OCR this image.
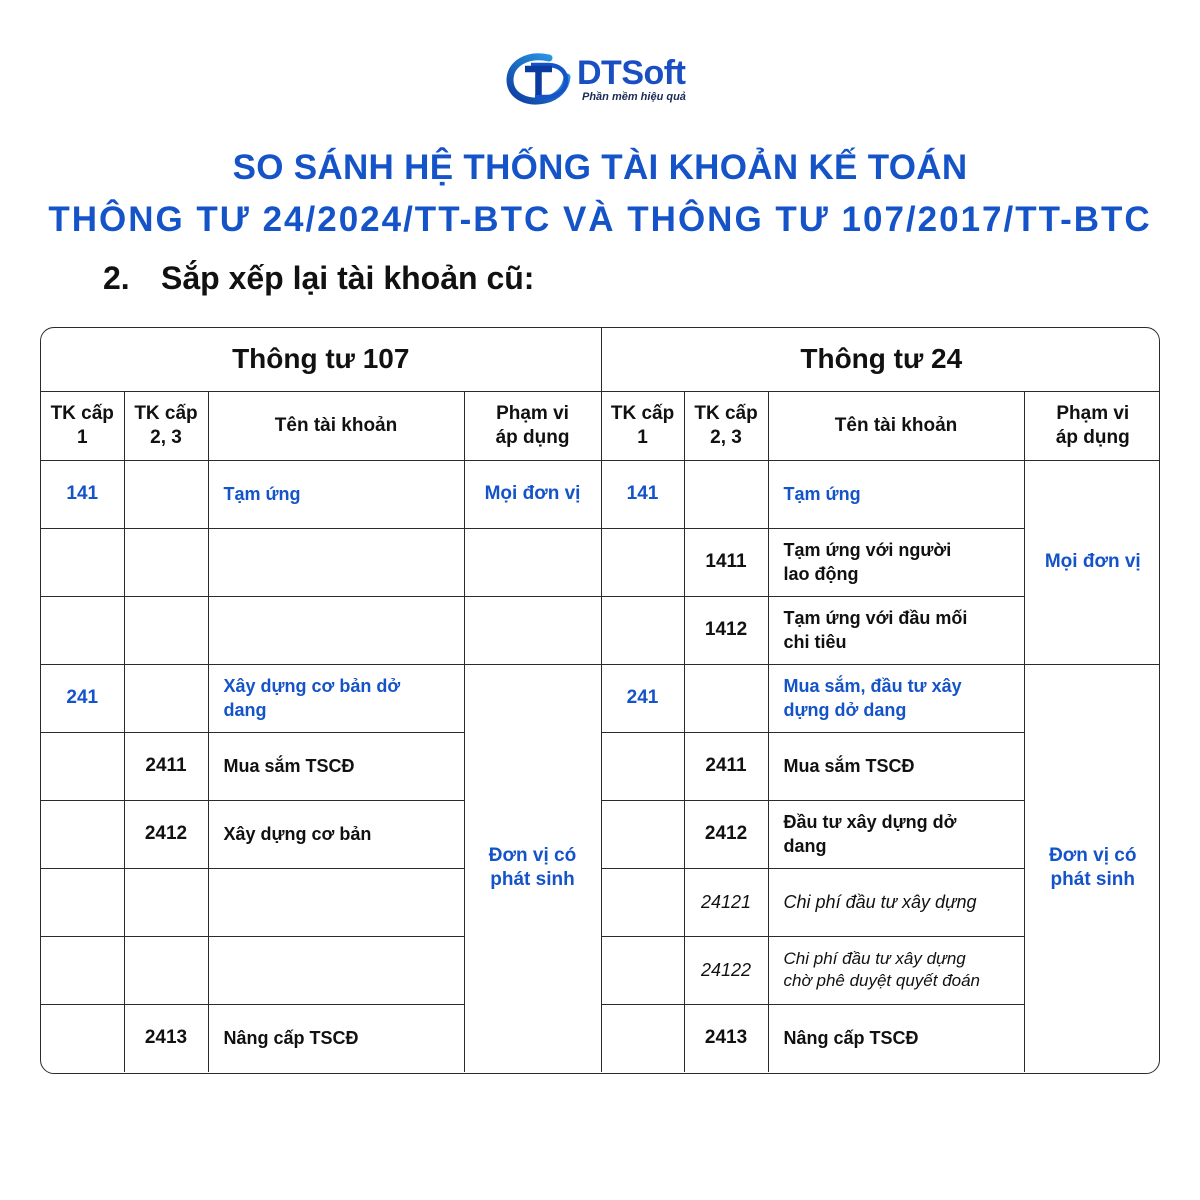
DTSoft
Phần mềm hiệu quả
SO SÁNH HỆ THỐNG TÀI KHOẢN KẾ TOÁN
THÔNG TƯ 24/2024/TT-BTC VÀ THÔNG TƯ 107/2017/TT-BTC
2. Sắp xếp lại tài khoản cũ:
Thông tư 107				Thông tư 24			
TK cấp 1	TK cấp 2, 3	Tên tài khoản	Phạm vi áp dụng	TK cấp 1	TK cấp 2, 3	Tên tài khoản	Phạm vi áp dụng
141		Tạm ứng	Mọi đơn vị	141		Tạm ứng	Mọi đơn vị
					1411	Tạm ứng với người lao động	
					1412	Tạm ứng với đầu mối chi tiêu	
241		Xây dựng cơ bản dở dang	Đơn vị có phát sinh	241		Mua sắm, đầu tư xây dựng dở dang	Đơn vị có phát sinh
	2411	Mua sắm TSCĐ			2411	Mua sắm TSCĐ	
	2412	Xây dựng cơ bản			2412	Đầu tư xây dựng dở dang	
					24121	Chi phí đầu tư xây dựng	
					24122	Chi phí đầu tư xây dựng chờ phê duyệt quyết đoán	
	2413	Nâng cấp TSCĐ			2413	Nâng cấp TSCĐ	
